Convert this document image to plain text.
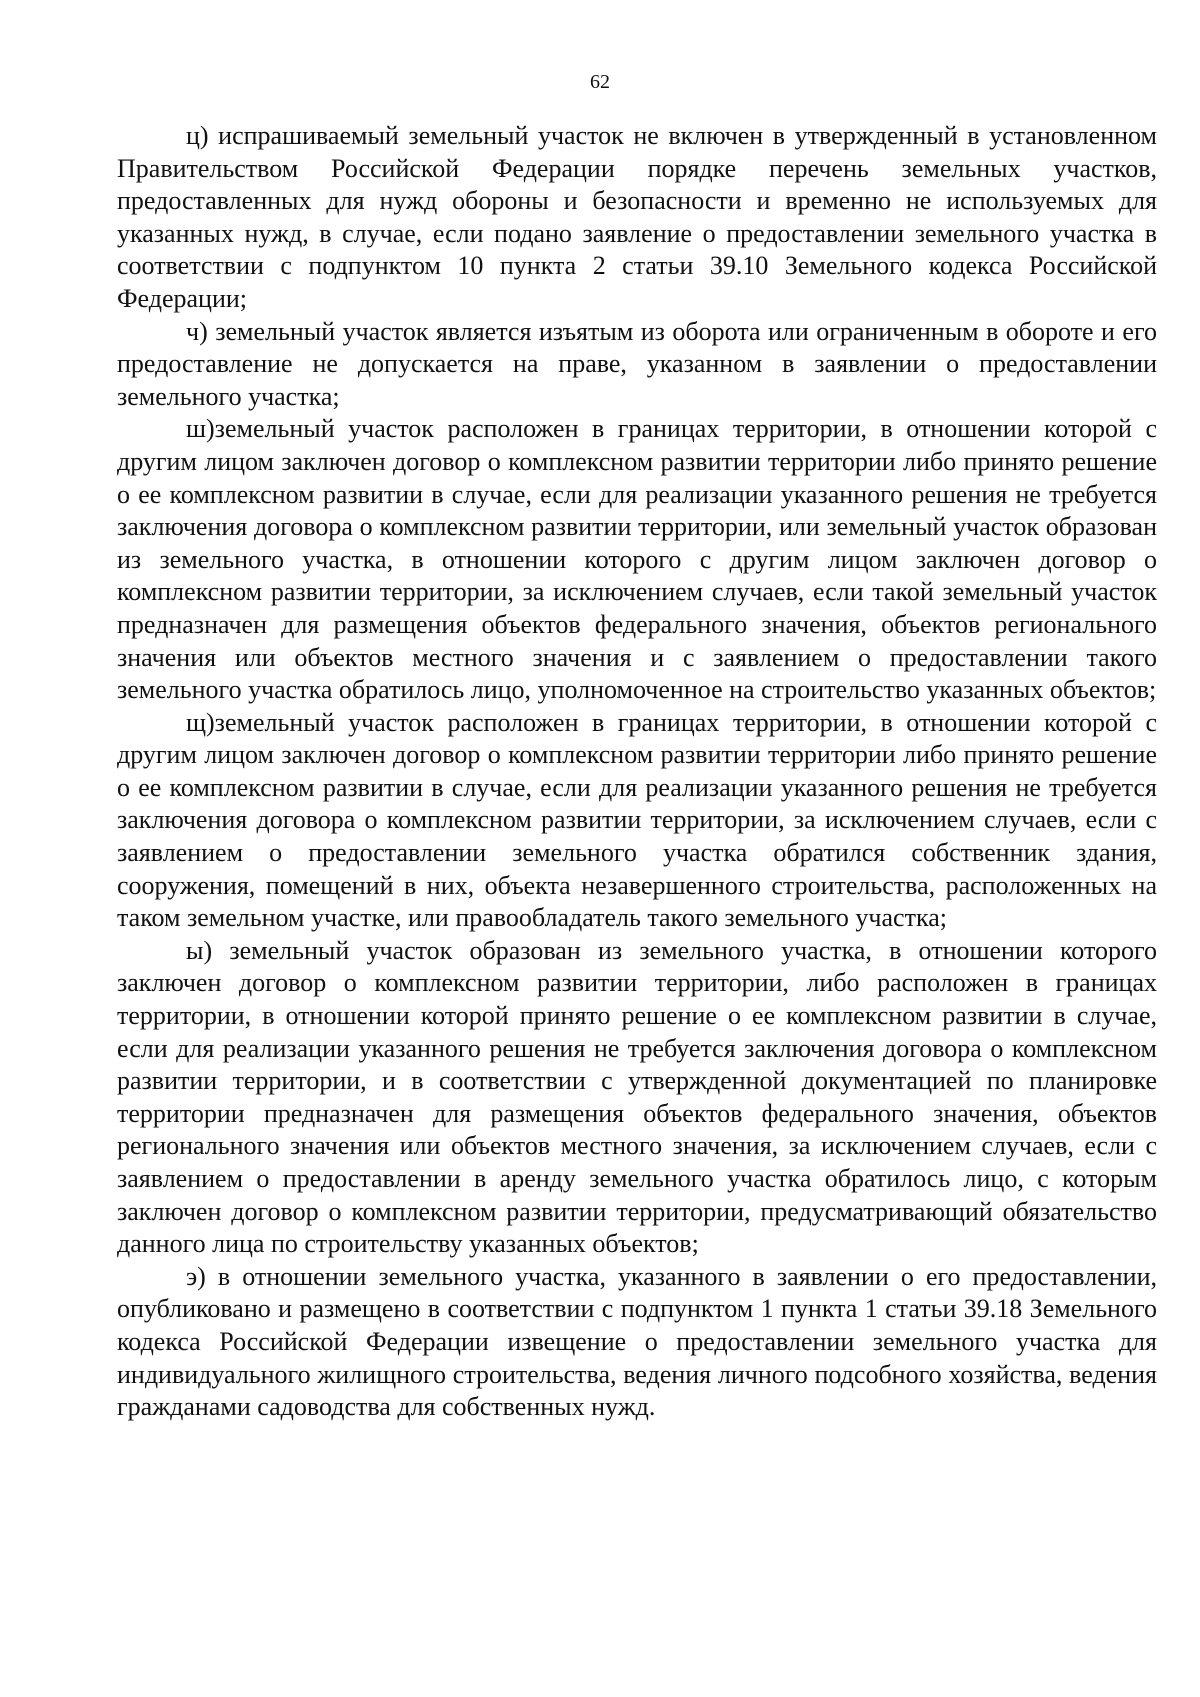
62

ц) испрашиваемый земельный участок не включен в утвержденный в установленном Правительством Российской Федерации порядке перечень земельных участков, предоставленных для нужд обороны и безопасности и временно не используемых для указанных нужд, в случае, если подано заявление о предоставлении земельного участка в соответствии с подпунктом 10 пункта 2 статьи 39.10 Земельного кодекса Российской Федерации;

ч) земельный участок является изъятым из оборота или ограниченным в обороте и его предоставление не допускается на праве, указанном в заявлении о предоставлении земельного участка;

ш)земельный участок расположен в границах территории, в отношении которой с другим лицом заключен договор о комплексном развитии территории либо принято решение о ее комплексном развитии в случае, если для реализации указанного решения не требуется заключения договора о комплексном развитии территории, или земельный участок образован из земельного участка, в отношении которого с другим лицом заключен договор о комплексном развитии территории, за исключением случаев, если такой земельный участок предназначен для размещения объектов федерального значения, объектов регионального значения или объектов местного значения и с заявлением о предоставлении такого земельного участка обратилось лицо, уполномоченное на строительство указанных объектов;

щ)земельный участок расположен в границах территории, в отношении которой с другим лицом заключен договор о комплексном развитии территории либо принято решение о ее комплексном развитии в случае, если для реализации указанного решения не требуется заключения договора о комплексном развитии территории, за исключением случаев, если с заявлением о предоставлении земельного участка обратился собственник здания, сооружения, помещений в них, объекта незавершенного строительства, расположенных на таком земельном участке, или правообладатель такого земельного участка;

ы) земельный участок образован из земельного участка, в отношении которого заключен договор о комплексном развитии территории, либо расположен в границах территории, в отношении которой принято решение о ее комплексном развитии в случае, если для реализации указанного решения не требуется заключения договора о комплексном развитии территории, и в соответствии с утвержденной документацией по планировке территории предназначен для размещения объектов федерального значения, объектов регионального значения или объектов местного значения, за исключением случаев, если с заявлением о предоставлении в аренду земельного участка обратилось лицо, с которым заключен договор о комплексном развитии территории, предусматривающий обязательство данного лица по строительству указанных объектов;

э) в отношении земельного участка, указанного в заявлении о его предоставлении, опубликовано и размещено в соответствии с подпунктом 1 пункта 1 статьи 39.18 Земельного кодекса Российской Федерации извещение о предоставлении земельного участка для индивидуального жилищного строительства, ведения личного подсобного хозяйства, ведения гражданами садоводства для собственных нужд.
